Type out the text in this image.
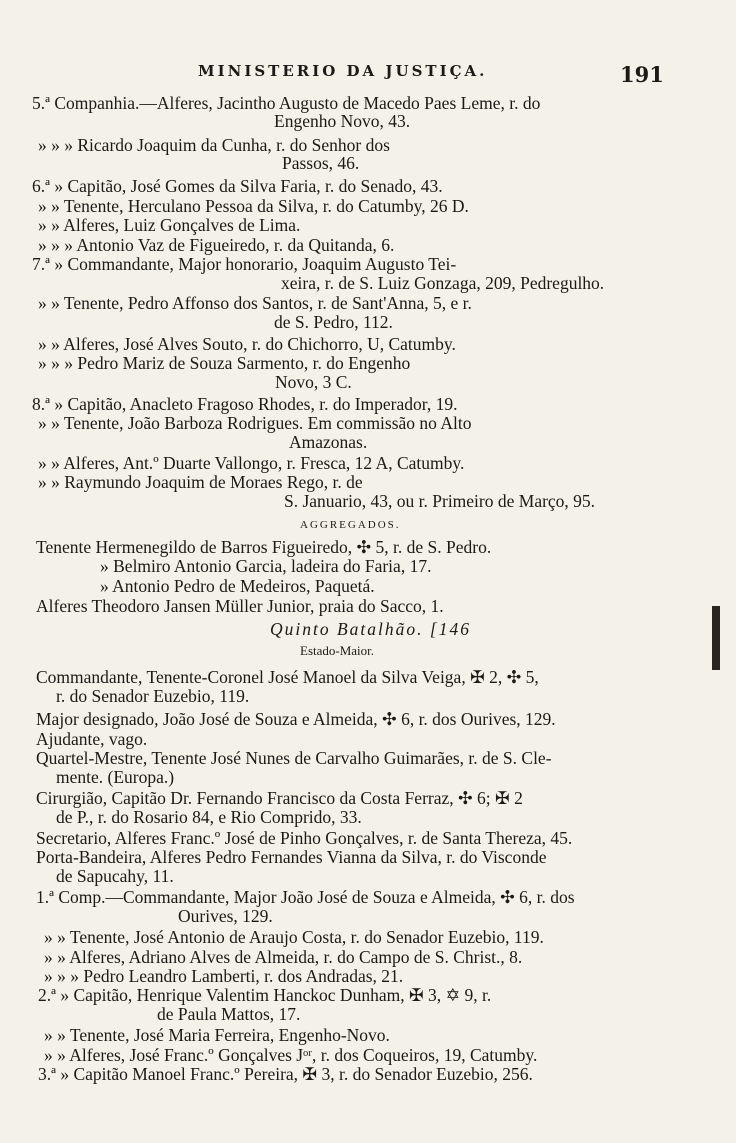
MINISTERIO DA JUSTIÇA.	191
5.ª Companhia.—Alferes, Jacintho Augusto de Macedo Paes Leme, r. do
Engenho Novo, 43.
» » » Ricardo Joaquim da Cunha, r. do Senhor dos
Passos, 46.
6.ª » Capitão, José Gomes da Silva Faria, r. do Senado, 43.
» » Tenente, Herculano Pessoa da Silva, r. do Catumby, 26 D.
» » Alferes, Luiz Gonçalves de Lima.
» » » Antonio Vaz de Figueiredo, r. da Quitanda, 6.
7.ª » Commandante, Major honorario, Joaquim Augusto Tei-
xeira, r. de S. Luiz Gonzaga, 209, Pedregulho.
» » Tenente, Pedro Affonso dos Santos, r. de Sant'Anna, 5, e r.
de S. Pedro, 112.
» » Alferes, José Alves Souto, r. do Chichorro, U, Catumby.
» » » Pedro Mariz de Souza Sarmento, r. do Engenho
Novo, 3 C.
8.ª » Capitão, Anacleto Fragoso Rhodes, r. do Imperador, 19.
» » Tenente, João Barboza Rodrigues. Em commissão no Alto
Amazonas.
» » Alferes, Ant.º Duarte Vallongo, r. Fresca, 12 A, Catumby.
» » Raymundo Joaquim de Moraes Rego, r. de
S. Januario, 43, ou r. Primeiro de Março, 95.
AGGREGADOS.
Tenente Hermenegildo de Barros Figueiredo, ✣ 5, r. de S. Pedro.
» Belmiro Antonio Garcia, ladeira do Faria, 17.
» Antonio Pedro de Medeiros, Paquetá.
Alferes Theodoro Jansen Müller Junior, praia do Sacco, 1.
Quinto Batalhão. [146
Estado-Maior.
Commandante, Tenente-Coronel José Manoel da Silva Veiga, ✠ 2, ✣ 5,
r. do Senador Euzebio, 119.
Major designado, João José de Souza e Almeida, ✣ 6, r. dos Ourives, 129.
Ajudante, vago.
Quartel-Mestre, Tenente José Nunes de Carvalho Guimarães, r. de S. Cle-
mente. (Europa.)
Cirurgião, Capitão Dr. Fernando Francisco da Costa Ferraz, ✣ 6; ✠ 2
de P., r. do Rosario 84, e Rio Comprido, 33.
Secretario, Alferes Franc.º José de Pinho Gonçalves, r. de Santa Thereza, 45.
Porta-Bandeira, Alferes Pedro Fernandes Vianna da Silva, r. do Visconde
de Sapucahy, 11.
1.ª Comp.—Commandante, Major João José de Souza e Almeida, ✣ 6, r. dos
Ourives, 129.
» » Tenente, José Antonio de Araujo Costa, r. do Senador Euzebio, 119.
» » Alferes, Adriano Alves de Almeida, r. do Campo de S. Christ., 8.
» » » Pedro Leandro Lamberti, r. dos Andradas, 21.
2.ª » Capitão, Henrique Valentim Hanckoc Dunham, ✠ 3, ✡ 9, r.
de Paula Mattos, 17.
» » Tenente, José Maria Ferreira, Engenho-Novo.
» » Alferes, José Franc.º Gonçalves Jᵒʳ, r. dos Coqueiros, 19, Catumby.
3.ª » Capitão Manoel Franc.º Pereira, ✠ 3, r. do Senador Euzebio, 256.
